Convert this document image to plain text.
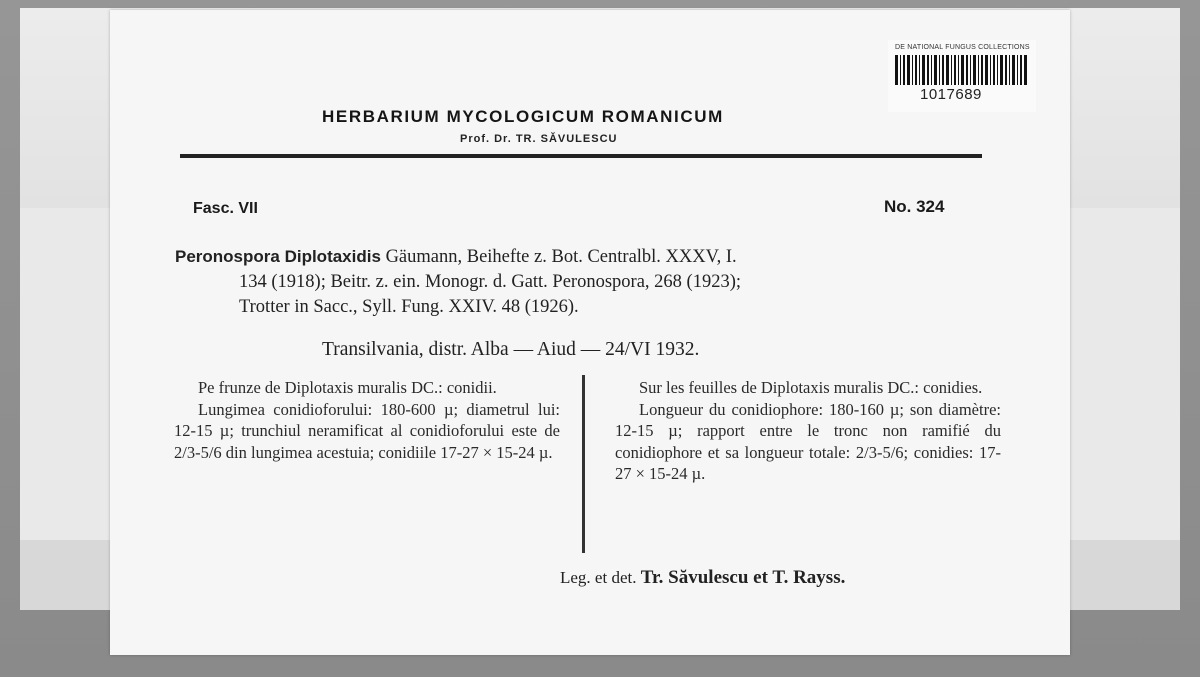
DE NATIONAL FUNGUS COLLECTIONS
1017689
HERBARIUM MYCOLOGICUM ROMANICUM
Prof. Dr. TR. SĂVULESCU
Fasc. VII	No. 324
Peronospora Diplotaxidis Gäumann, Beihefte z. Bot. Centralbl. XXXV, I.
134 (1918); Beitr. z. ein. Monogr. d. Gatt. Peronospora, 268 (1923);
Trotter in Sacc., Syll. Fung. XXIV. 48 (1926).
Transilvania, distr. Alba — Aiud — 24/VI 1932.

Pe frunze de Diplotaxis muralis DC.: conidii.

Lungimea conidioforului: 180-600 µ; diametrul lui: 12-15 µ; trunchiul neramificat al conidioforului este de 2/3-5/6 din lungimea acestuia; conidiile 17-27 × 15-24 µ.

Sur les feuilles de Diplotaxis muralis DC.: conidies.

Longueur du conidiophore: 180-160 µ; son diamètre: 12-15 µ; rapport entre le tronc non ramifié du conidiophore et sa longueur totale: 2/3-5/6; conidies: 17-27 × 15-24 µ.

Leg. et det. Tr. Săvulescu et T. Rayss.
